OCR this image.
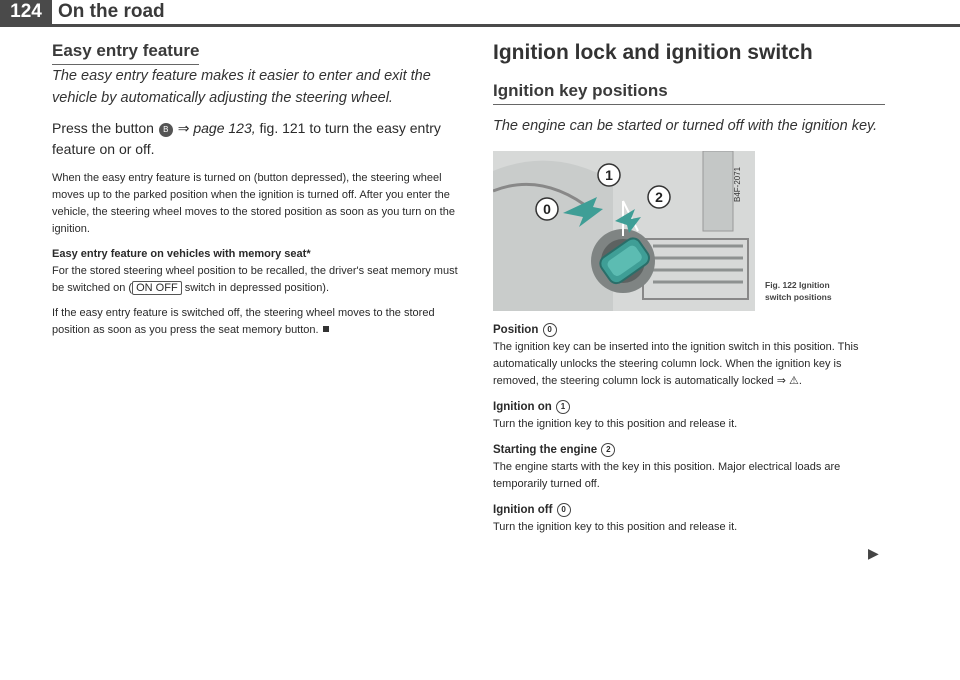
124 On the road
Easy entry feature

The easy entry feature makes it easier to enter and exit the vehicle by automatically adjusting the steering wheel.

Press the button B ⇒ page 123, fig. 121 to turn the easy entry feature on or off.

When the easy entry feature is turned on (button depressed), the steering wheel moves up to the parked position when the ignition is turned off. After you enter the vehicle, the steering wheel moves to the stored position as soon as you turn on the ignition.

Easy entry feature on vehicles with memory seat*

For the stored steering wheel position to be recalled, the driver's seat memory must be switched on ( ON OFF switch in depressed position).

If the easy entry feature is switched off, the steering wheel moves to the stored position as soon as you press the seat memory button.

Ignition lock and ignition switch
Ignition key positions

The engine can be started or turned off with the ignition key.

0
1
2	B4F-2071
Fig. 122 Ignition
switch positions

Position 0

The ignition key can be inserted into the ignition switch in this position. This automatically unlocks the steering column lock. When the ignition key is removed, the steering column lock is automatically locked ⇒ ⚠.

Ignition on 1

Turn the ignition key to this position and release it.

Starting the engine 2

The engine starts with the key in this position. Major electrical loads are temporarily turned off.

Ignition off 0

Turn the ignition key to this position and release it.

▶
